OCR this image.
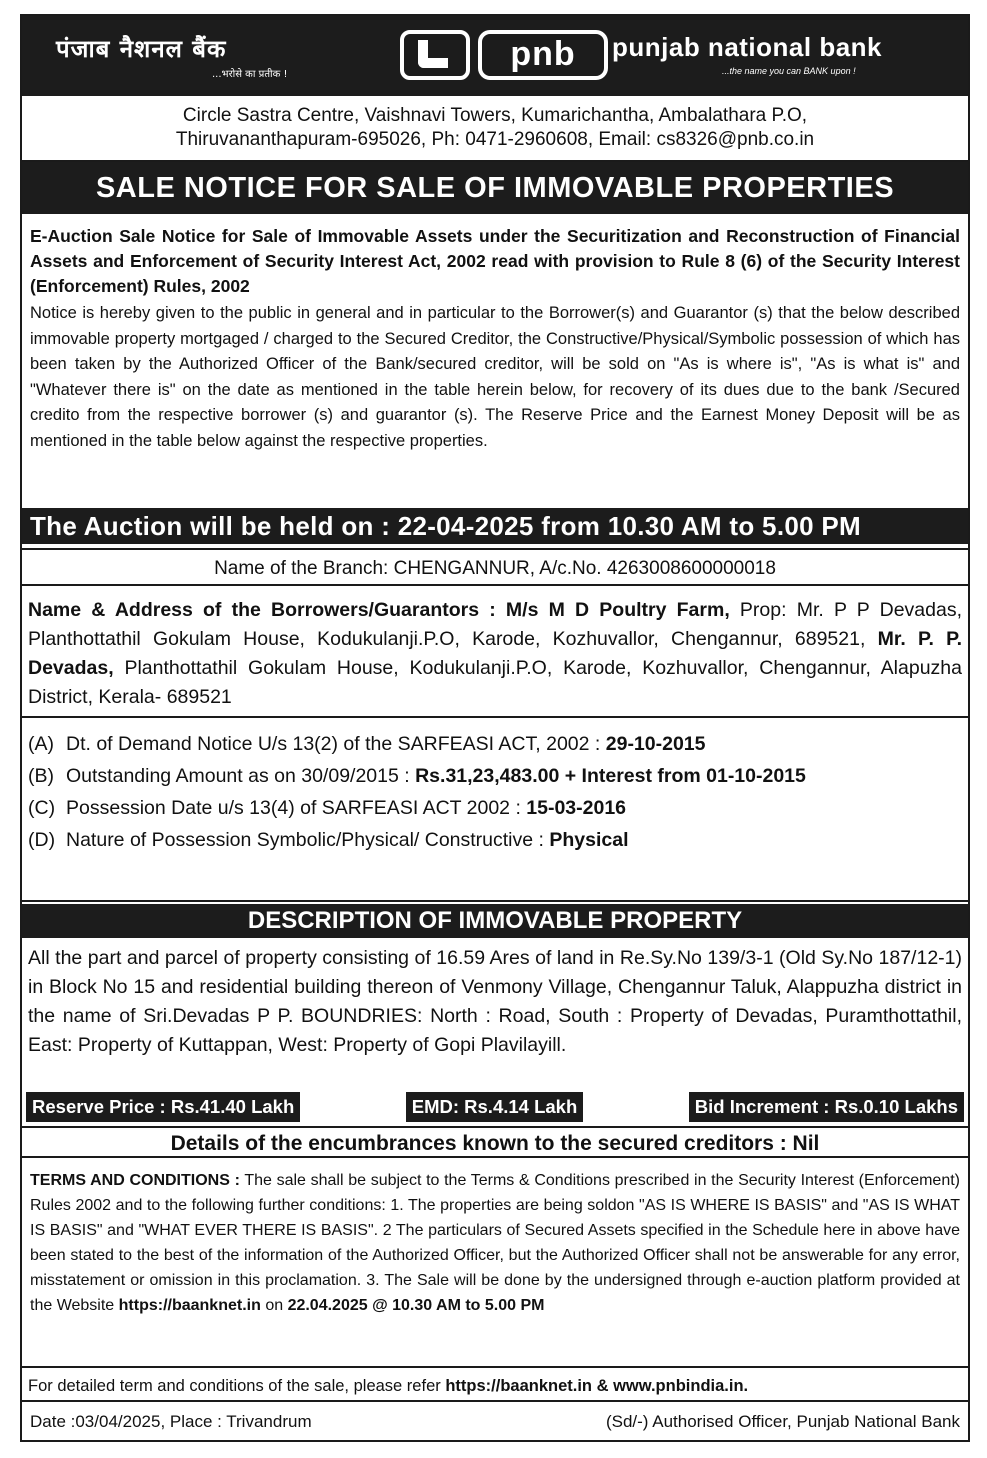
पंजाब नैशनल बैंक
...भरोसे का प्रतीक !
pnb	punjab national bank
...the name you can BANK upon !
Circle Sastra Centre, Vaishnavi Towers, Kumarichantha, Ambalathara P.O,
Thiruvananthapuram-695026, Ph: 0471-2960608, Email: cs8326@pnb.co.in
SALE NOTICE FOR SALE OF IMMOVABLE PROPERTIES
E-Auction Sale Notice for Sale of Immovable Assets under the Securitization and Reconstruction of Financial Assets and Enforcement of Security Interest Act, 2002 read with provision to Rule 8 (6) of the Security Interest (Enforcement) Rules, 2002
Notice is hereby given to the public in general and in particular to the Borrower(s) and Guarantor (s) that the below described immovable property mortgaged / charged to the Secured Creditor, the Constructive/Physical/Symbolic possession of which has been taken by the Authorized Officer of the Bank/secured creditor, will be sold on "As is where is", "As is what is" and "Whatever there is" on the date as mentioned in the table herein below, for recovery of its dues due to the bank /Secured credito from the respective borrower (s) and guarantor (s). The Reserve Price and the Earnest Money Deposit will be as mentioned in the table below against the respective properties.
The Auction will be held on : 22-04-2025 from 10.30 AM to 5.00 PM
Name of the Branch: CHENGANNUR, A/c.No. 4263008600000018
Name & Address of the Borrowers/Guarantors : M/s M D Poultry Farm, Prop: Mr. P P Devadas, Planthottathil Gokulam House, Kodukulanji.P.O, Karode, Kozhuvallor, Chengannur, 689521, Mr. P. P. Devadas, Planthottathil Gokulam House, Kodukulanji.P.O, Karode, Kozhuvallor, Chengannur, Alapuzha District, Kerala- 689521
(A) Dt. of Demand Notice U/s 13(2) of the SARFEASI ACT, 2002 : 29-10-2015
(B) Outstanding Amount as on 30/09/2015 : Rs.31,23,483.00 + Interest from 01-10-2015
(C) Possession Date u/s 13(4) of SARFEASI ACT 2002 : 15-03-2016
(D) Nature of Possession Symbolic/Physical/ Constructive : Physical
DESCRIPTION OF IMMOVABLE PROPERTY
All the part and parcel of property consisting of 16.59 Ares of land in Re.Sy.No 139/3-1 (Old Sy.No 187/12-1) in Block No 15 and residential building thereon of Venmony Village, Chengannur Taluk, Alappuzha district in the name of Sri.Devadas P P. BOUNDRIES: North : Road, South : Property of Devadas, Puramthottathil, East: Property of Kuttappan, West: Property of Gopi Plavilayill.
Reserve Price : Rs.41.40 Lakh	EMD: Rs.4.14 Lakh	Bid Increment : Rs.0.10 Lakhs
Details of the encumbrances known to the secured creditors : Nil
TERMS AND CONDITIONS : The sale shall be subject to the Terms & Conditions prescribed in the Security Interest (Enforcement) Rules 2002 and to the following further conditions: 1. The properties are being soldon "AS IS WHERE IS BASIS" and "AS IS WHAT IS BASIS" and "WHAT EVER THERE IS BASIS". 2 The particulars of Secured Assets specified in the Schedule here in above have been stated to the best of the information of the Authorized Officer, but the Authorized Officer shall not be answerable for any error, misstatement or omission in this proclamation. 3. The Sale will be done by the undersigned through e-auction platform provided at the Website https://baanknet.in on 22.04.2025 @ 10.30 AM to 5.00 PM
For detailed term and conditions of the sale, please refer https://baanknet.in & www.pnbindia.in.
Date :03/04/2025, Place : Trivandrum	(Sd/-) Authorised Officer, Punjab National Bank
